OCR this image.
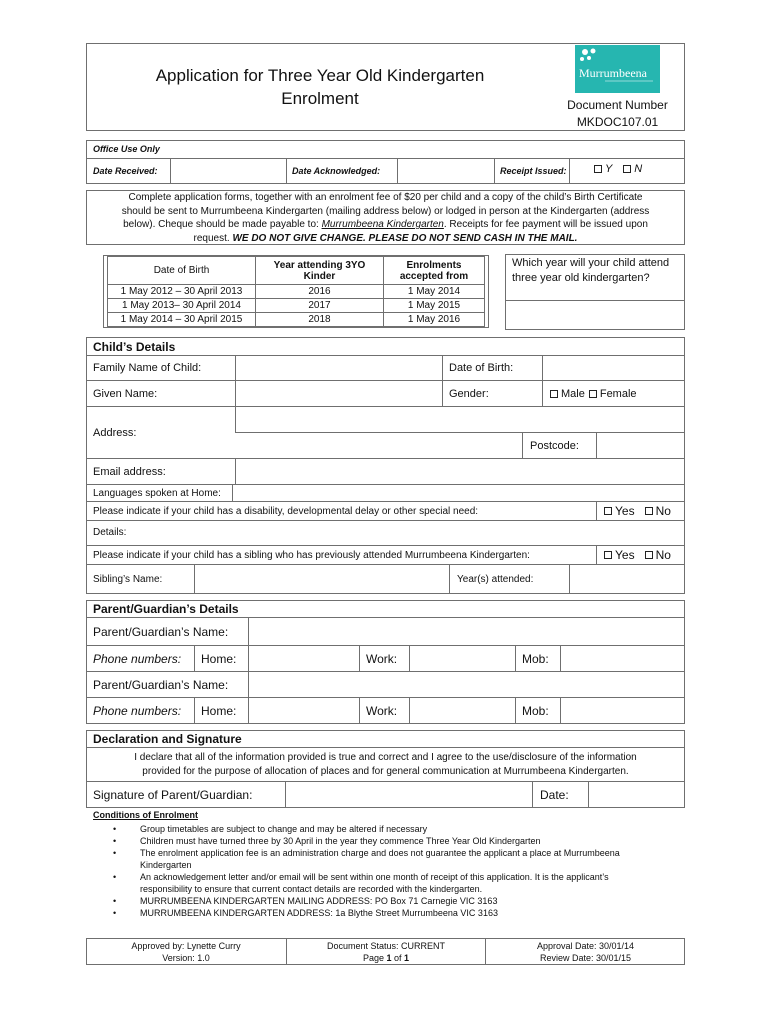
Application for Three Year Old Kindergarten
Enrolment
Murrumbeena
Document Number
MKDOC107.01
Office Use Only
Date Received:	Date Acknowledged:	Receipt Issued:	Y N
Complete application forms, together with an enrolment fee of $20 per child and a copy of the child’s Birth Certificate
should be sent to Murrumbeena Kindergarten (mailing address below) or lodged in person at the Kindergarten (address
below). Cheque should be made payable to: Murrumbeena Kindergarten. Receipts for fee payment will be issued upon
request. WE DO NOT GIVE CHANGE. PLEASE DO NOT SEND CASH IN THE MAIL.
Date of Birth	Year attending 3YO Kinder	Enrolments accepted from
1 May 2012 – 30 April 2013	2016	1 May 2014
1 May 2013– 30 April 2014	2017	1 May 2015
1 May 2014 – 30 April 2015	2018	1 May 2016
Which year will your child attend three year old kindergarten?
Child’s Details
Family Name of Child:	Date of Birth:
Given Name:	Gender:	Male Female
Address:
Postcode:
Email address:
Languages spoken at Home:
Please indicate if your child has a disability, developmental delay or other special need:	Yes No
Details:
Please indicate if your child has a sibling who has previously attended Murrumbeena Kindergarten:	Yes No
Sibling’s Name:	Year(s) attended:
Parent/Guardian’s Details
Parent/Guardian’s Name:
Phone numbers: Home:	Work:	Mob:
Parent/Guardian’s Name:
Phone numbers: Home:	Work:	Mob:
Declaration and Signature
I declare that all of the information provided is true and correct and I agree to the use/disclosure of the information
provided for the purpose of allocation of places and for general communication at Murrumbeena Kindergarten.
Signature of Parent/Guardian:	Date:
Conditions of Enrolment
•	Group timetables are subject to change and may be altered if necessary
•	Children must have turned three by 30 April in the year they commence Three Year Old Kindergarten
•	The enrolment application fee is an administration charge and does not guarantee the applicant a place at Murrumbeena
Kindergarten
•	An acknowledgement letter and/or email will be sent within one month of receipt of this application. It is the applicant’s
responsibility to ensure that current contact details are recorded with the kindergarten.
•	MURRUMBEENA KINDERGARTEN MAILING ADDRESS: PO Box 71 Carnegie VIC 3163
•	MURRUMBEENA KINDERGARTEN ADDRESS: 1a Blythe Street Murrumbeena VIC 3163
Approved by: Lynette Curry
Version: 1.0
Document Status: CURRENT
Page 1 of 1
Approval Date: 30/01/14
Review Date: 30/01/15
